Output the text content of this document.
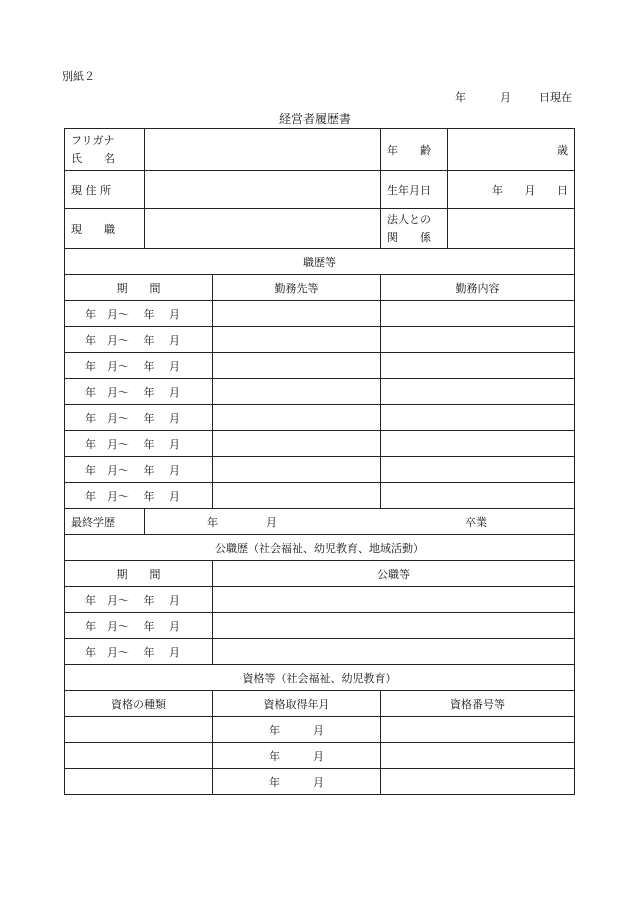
別紙２
年	月	日現在
経営者履歴書
フリガナ
氏　　名			年　　齢	歳
現 住 所			生年月日	年 月 日

現　　職			法人との
関　　係	

職歴等				
期　　間		勤務先等	勤務内容	
年　月～　 年　 月				
年　月～　 年　 月				
年　月～　 年　 月				
年　月～　 年　 月				
年　月～　 年　 月				
年　月～　 年　 月				
年　月～　 年　 月				
年　月～　 年　 月				
最終学歴	年 月 卒業			
公職歴（社会福祉、幼児教育、地域活動）				
期　　間		公職等		
年　月～　 年　 月				
年　月～　 年　 月				
年　月～　 年　 月				
資格等（社会福祉、幼児教育）				
資格の種類		資格取得年月	資格番号等	
		年　　　月		
		年　　　月		
		年　　　月		
